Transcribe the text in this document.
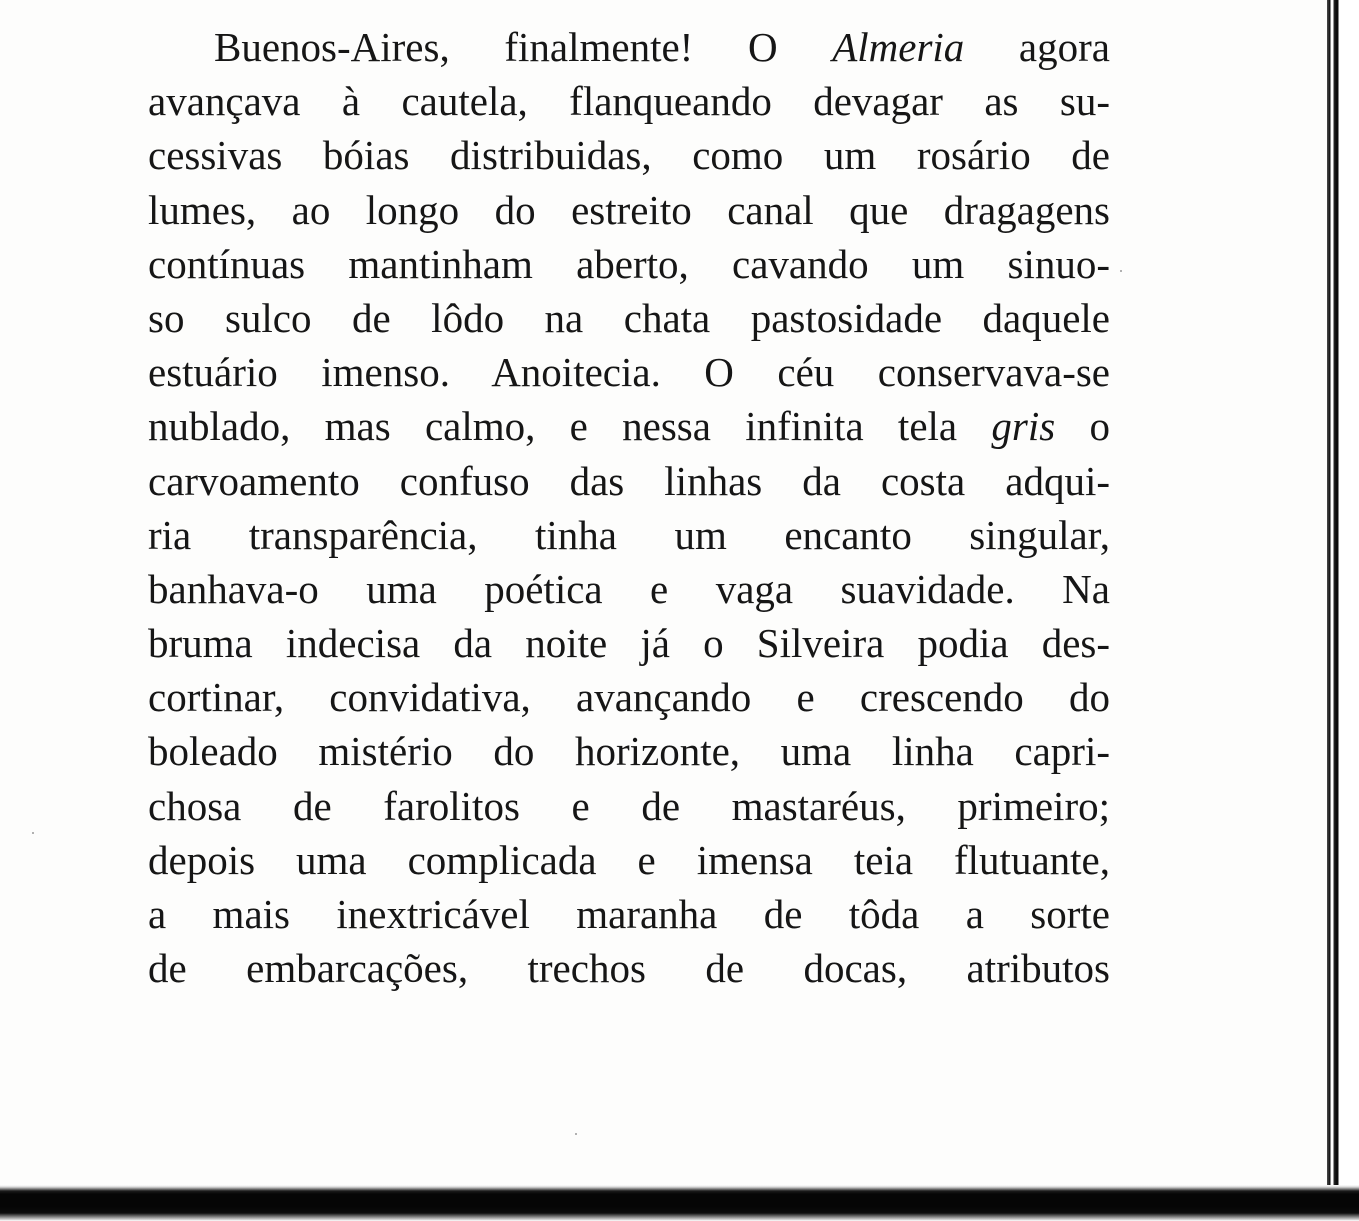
Buenos-Aires, finalmente! O Almeria agora
avançava à cautela, flanqueando devagar as su-
cessivas bóias distribuidas, como um rosário de
lumes, ao longo do estreito canal que dragagens
contínuas mantinham aberto, cavando um sinuo-
so sulco de lôdo na chata pastosidade daquele
estuário imenso. Anoitecia. O céu conservava-se
nublado, mas calmo, e nessa infinita tela gris o
carvoamento confuso das linhas da costa adqui-
ria transparência, tinha um encanto singular,
banhava-o uma poética e vaga suavidade. Na
bruma indecisa da noite já o Silveira podia des-
cortinar, convidativa, avançando e crescendo do
boleado mistério do horizonte, uma linha capri-
chosa de farolitos e de mastaréus, primeiro;
depois uma complicada e imensa teia flutuante,
a mais inextricável maranha de tôda a sorte
de embarcações, trechos de docas, atributos
